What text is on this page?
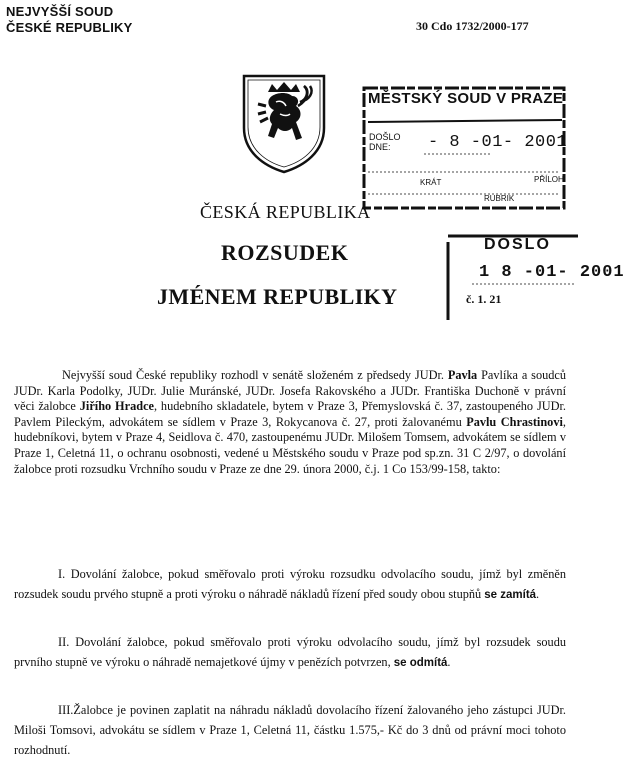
NEJVYŠŠÍ SOUD
ČESKÉ REPUBLIKY	30 Cdo 1732/2000-177
MĚSTSKÝ SOUD V PRAZE
DOŠLO
DNE:	- 8 -01- 2001
KRÁT	PŘÍLOH
RUBRIK
DOŠLO
1 8 -01- 2001
č. 1. 21
ČESKÁ REPUBLIKA
ROZSUDEK
JMÉNEM REPUBLIKY
Nejvyšší soud České republiky rozhodl v senátě složeném z předsedy JUDr. Pavla Pavlíka a soudců JUDr. Karla Podolky, JUDr. Julie Muránské, JUDr. Josefa Rakovského a JUDr. Františka Duchoně v právní věci žalobce Jiřího Hradce, hudebního skladatele, bytem v Praze 3, Přemyslovská č. 37, zastoupeného JUDr. Pavlem Pileckým, advokátem se sídlem v Praze 3, Rokycanova č. 27, proti žalovanému Pavlu Chrastinovi, hudebníkovi, bytem v Praze 4, Seidlova č. 470, zastoupenému JUDr. Milošem Tomsem, advokátem se sídlem v Praze 1, Celetná 11, o ochranu osobnosti, vedené u Městského soudu v Praze pod sp.zn. 31 C 2/97, o dovolání žalobce proti rozsudku Vrchního soudu v Praze ze dne 29. února 2000, č.j. 1 Co 153/99-158, takto:
I. Dovolání žalobce, pokud směřovalo proti výroku rozsudku odvolacího soudu, jímž byl změněn rozsudek soudu prvého stupně a proti výroku o náhradě nákladů řízení před soudy obou stupňů se zamítá.
II. Dovolání žalobce, pokud směřovalo proti výroku odvolacího soudu, jímž byl rozsudek soudu prvního stupně ve výroku o náhradě nemajetkové újmy v penězích potvrzen, se odmítá.
III.Žalobce je povinen zaplatit na náhradu nákladů dovolacího řízení žalovaného jeho zástupci JUDr. Miloši Tomsovi, advokátu se sídlem v Praze 1, Celetná 11, částku 1.575,- Kč do 3 dnů od právní moci tohoto rozhodnutí.
